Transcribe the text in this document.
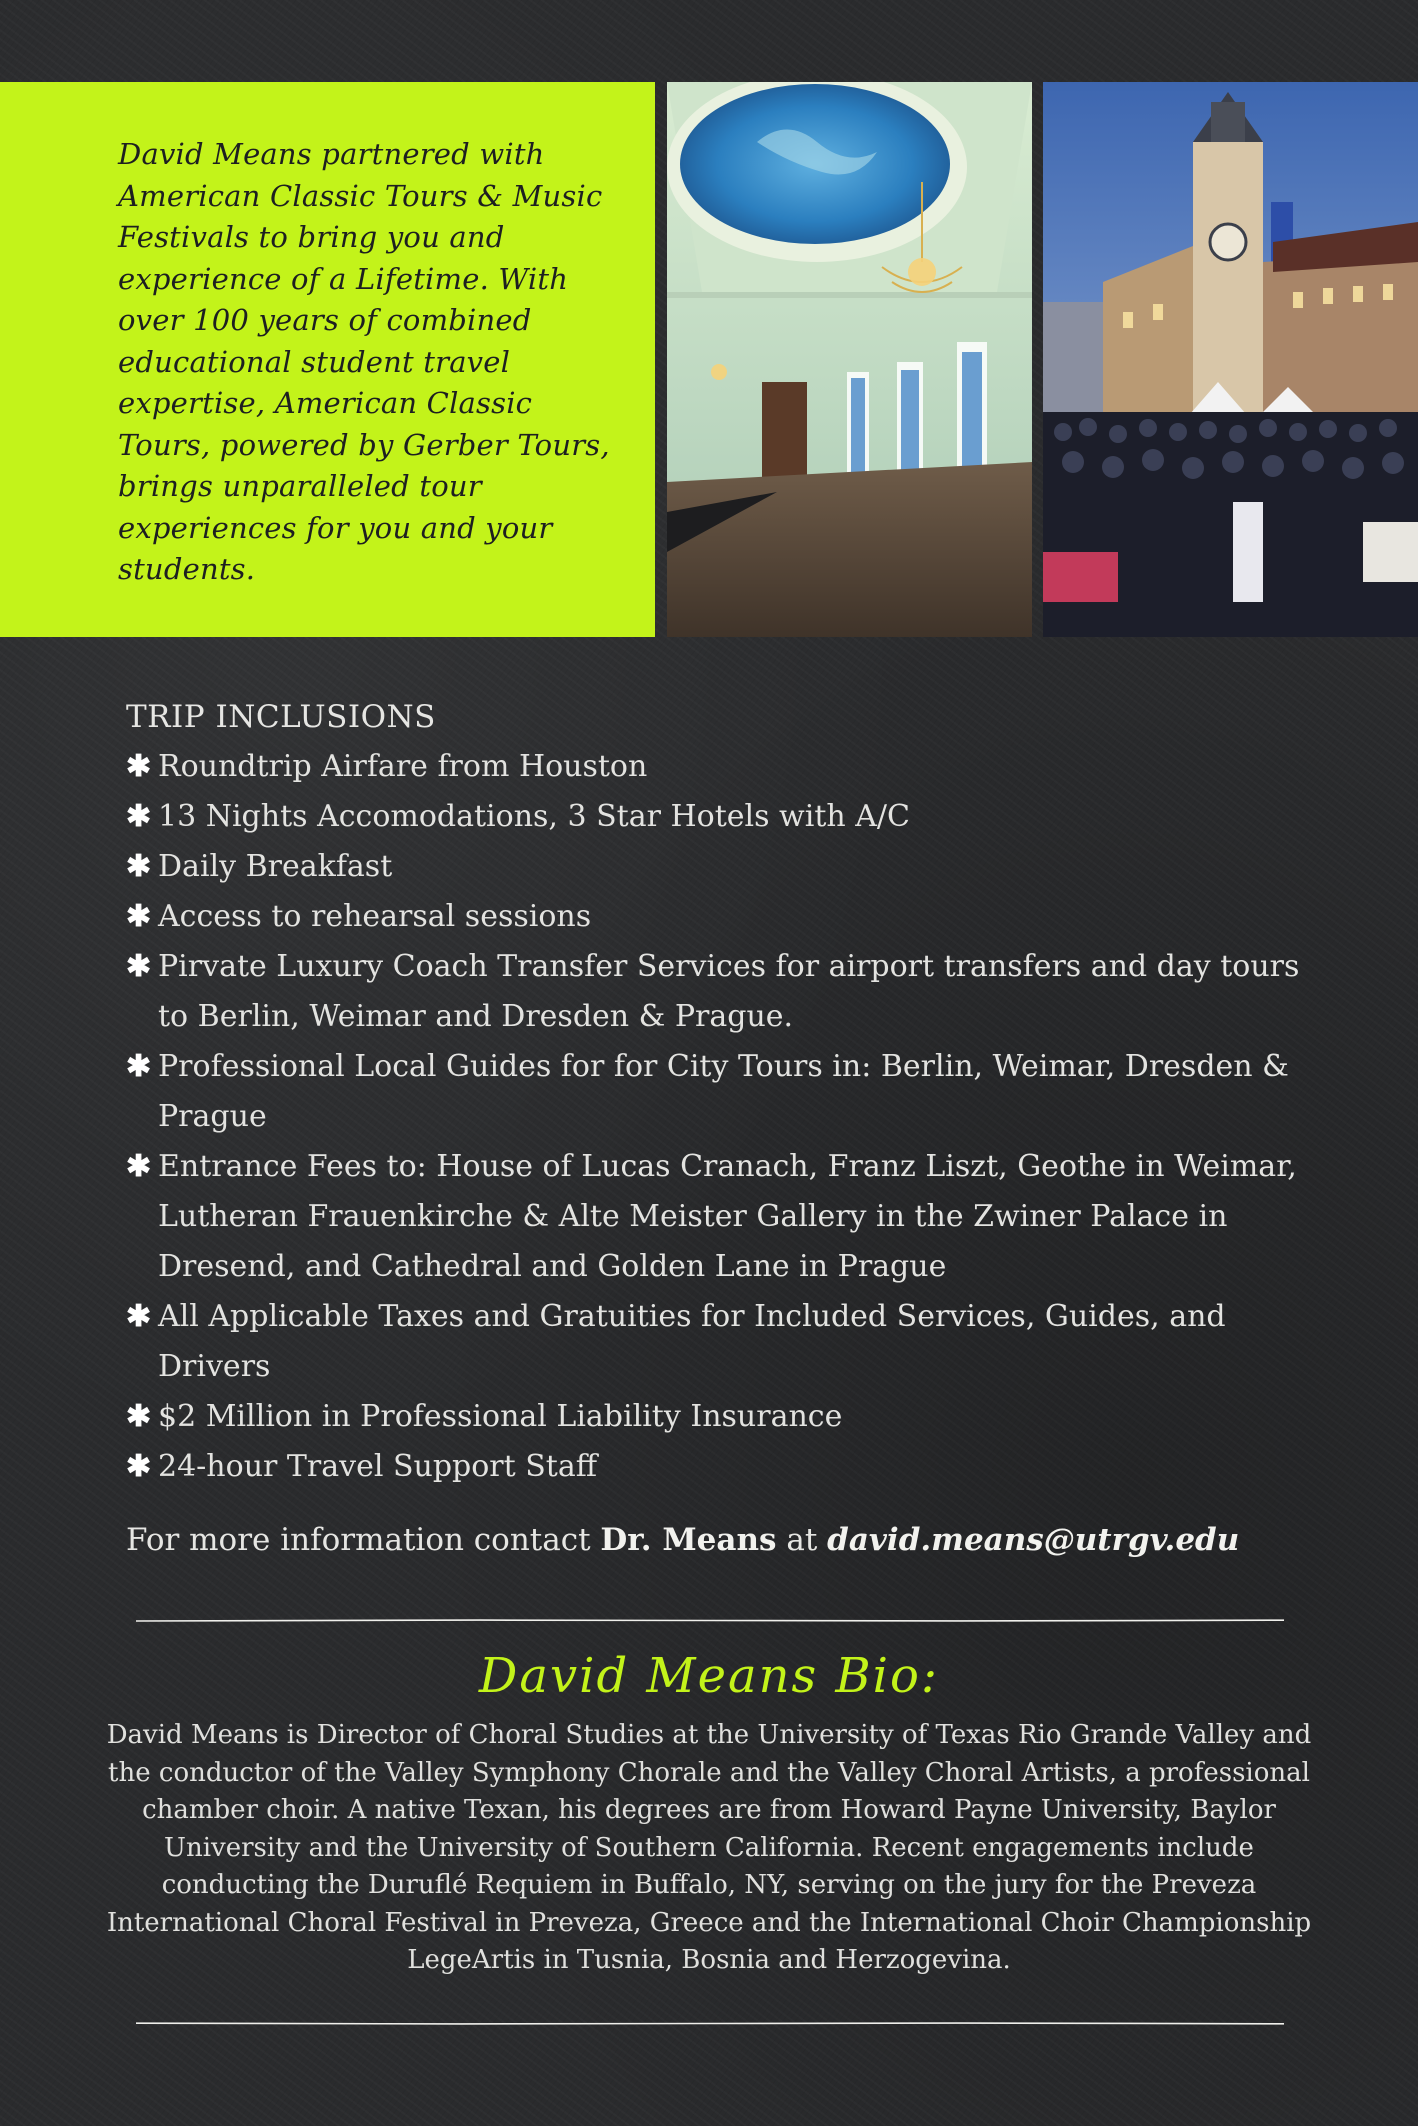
David Means partnered with American Classic Tours & Music Festivals to bring you and experience of a Lifetime. With over 100 years of combined educational student travel expertise, American Classic Tours, powered by Gerber Tours, brings unparalleled tour experiences for you and your students.

TRIP INCLUSIONS
✱ Roundtrip Airfare from Houston
✱ 13 Nights Accomodations, 3 Star Hotels with A/C
✱ Daily Breakfast
✱ Access to rehearsal sessions
✱ Pirvate Luxury Coach Transfer Services for airport transfers and day tours to Berlin, Weimar and Dresden & Prague.
✱ Professional Local Guides for for City Tours in: Berlin, Weimar, Dresden & Prague
✱ Entrance Fees to: House of Lucas Cranach, Franz Liszt, Geothe in Weimar, Lutheran Frauenkirche & Alte Meister Gallery in the Zwiner Palace in Dresend, and Cathedral and Golden Lane in Prague
✱ All Applicable Taxes and Gratuities for Included Services, Guides, and Drivers
✱ $2 Million in Professional Liability Insurance
✱ 24-hour Travel Support Staff
For more information contact Dr. Means at david.means@utrgv.edu
David Means Bio:

David Means is Director of Choral Studies at the University of Texas Rio Grande Valley and the conductor of the Valley Symphony Chorale and the Valley Choral Artists, a professional chamber choir. A native Texan, his degrees are from Howard Payne University, Baylor University and the University of Southern California. Recent engagements include conducting the Duruflé Requiem in Buffalo, NY, serving on the jury for the Preveza International Choral Festival in Preveza, Greece and the International Choir Championship LegeArtis in Tusnia, Bosnia and Herzogevina.
